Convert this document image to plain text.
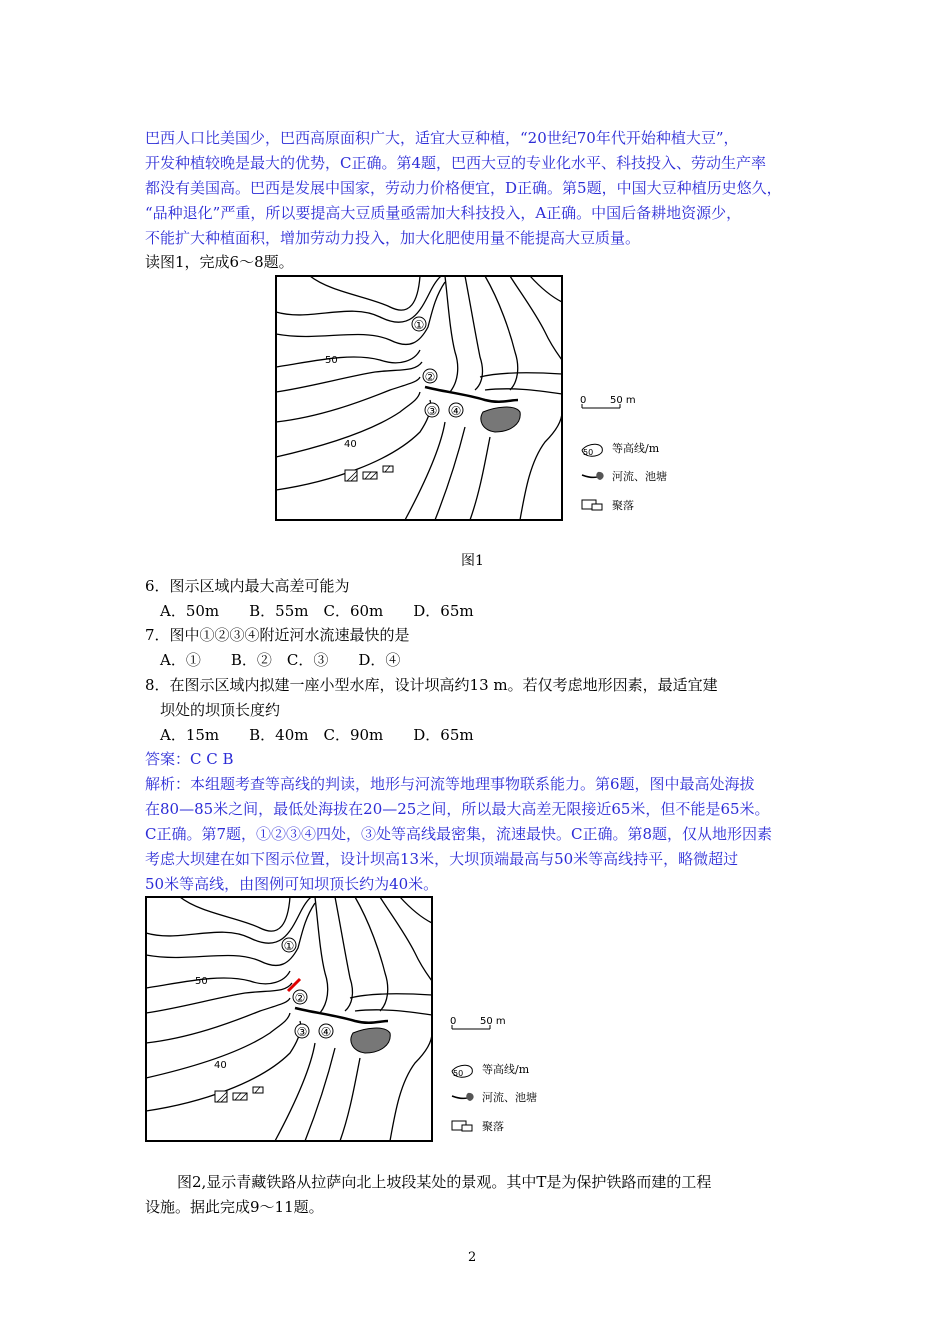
巴西人口比美国少，巴西高原面积广大，适宜大豆种植，“20世纪70年代开始种植大豆”，
开发种植较晚是最大的优势，C正确。第4题，巴西大豆的专业化水平、科技投入、劳动生产率
都没有美国高。巴西是发展中国家，劳动力价格便宜，D正确。第5题，中国大豆种植历史悠久，
“品种退化”严重，所以要提高大豆质量亟需加大科技投入，A正确。中国后备耕地资源少，
不能扩大种植面积，增加劳动力投入，加大化肥使用量不能提高大豆质量。
读图1，完成6～8题。
①
②
③ ④
50
40
0 50 m
50 等高线/m
河流、池塘
聚落
图1
6．图示区域内最大高差可能为
A．50m　　B．55m　C．60m　　D．65m
7．图中①②③④附近河水流速最快的是
A．①　　B．②　C．③　　D．④
8．在图示区域内拟建一座小型水库，设计坝高约13 m。若仅考虑地形因素，最适宜建
坝处的坝顶长度约
A．15m　　B．40m　C．90m　　D．65m
答案：C C B
解析：本组题考查等高线的判读，地形与河流等地理事物联系能力。第6题，图中最高处海拔
在80—85米之间，最低处海拔在20—25之间，所以最大高差无限接近65米，但不能是65米。
C正确。第7题，①②③④四处，③处等高线最密集，流速最快。C正确。第8题，仅从地形因素
考虑大坝建在如下图示位置，设计坝高13米，大坝顶端最高与50米等高线持平，略微超过
50米等高线，由图例可知坝顶长约为40米。
①
②
③ ④
50
40
0 50 m
50 等高线/m
河流、池塘
聚落
图2,显示青藏铁路从拉萨向北上坡段某处的景观。其中T是为保护铁路而建的工程
设施。据此完成9～11题。
2
